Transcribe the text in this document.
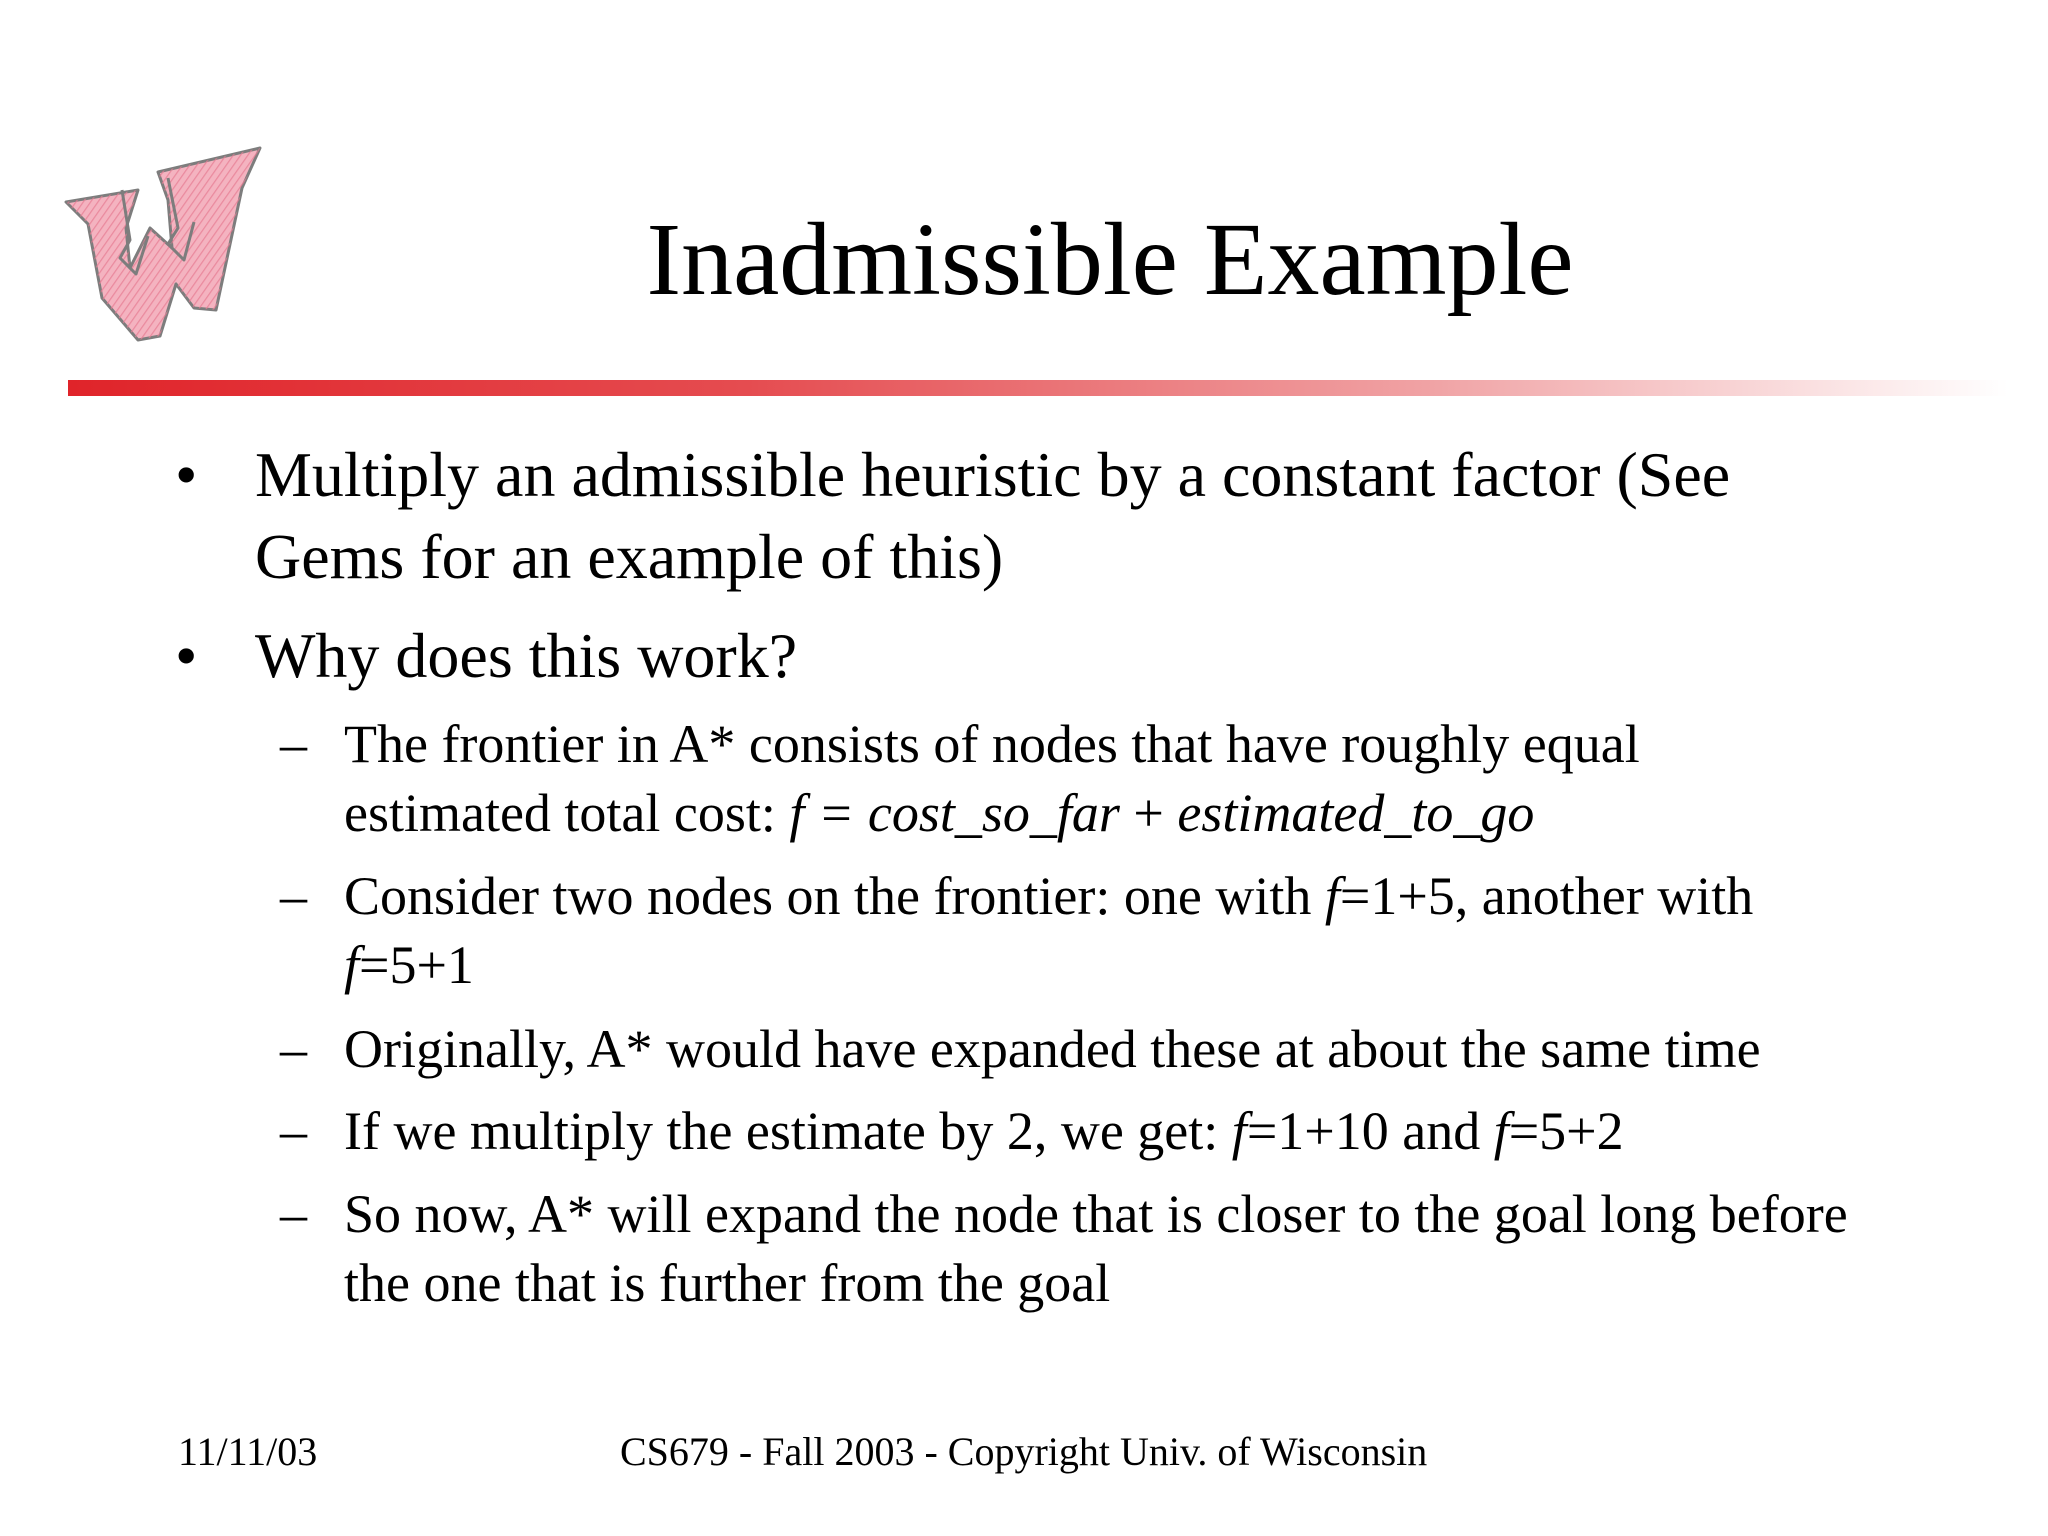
Inadmissible Example
• Multiply an admissible heuristic by a constant factor (See Gems for an example of this)
• Why does this work?
– The frontier in A* consists of nodes that have roughly equal
estimated total cost: f = cost_so_far + estimated_to_go
– Consider two nodes on the frontier: one with f=1+5, another with
f=5+1
– Originally, A* would have expanded these at about the same time
– If we multiply the estimate by 2, we get: f=1+10 and f=5+2
– So now, A* will expand the node that is closer to the goal long before the one that is further from the goal
11/11/03	CS679 - Fall 2003 - Copyright Univ. of Wisconsin
